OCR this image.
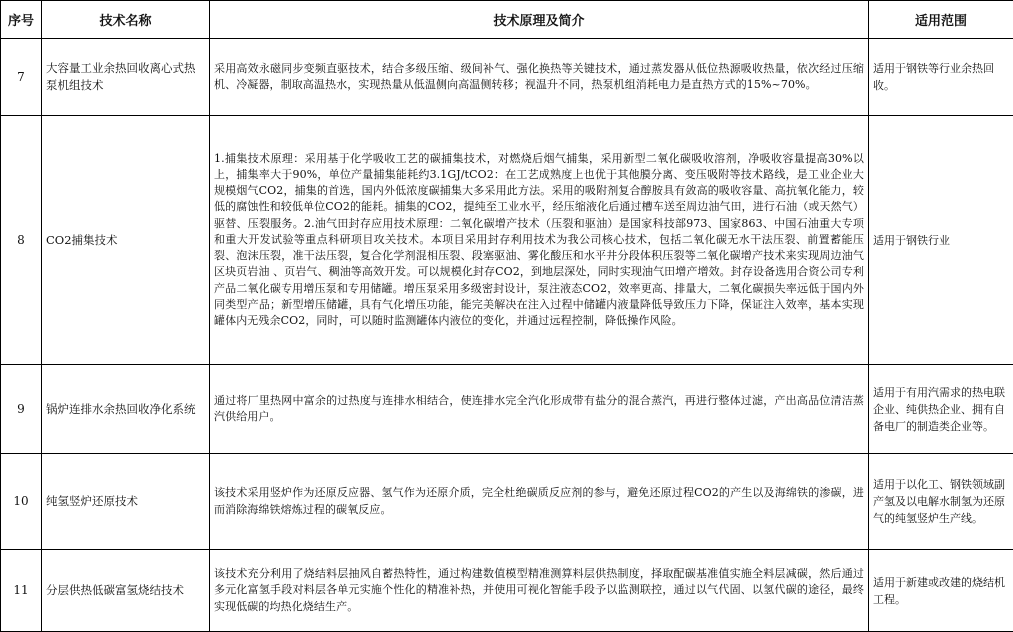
序号	技术名称	技术原理及简介	适用范围
7	大容量工业余热回收离心式热泵机组技术	采用高效永磁同步变频直驱技术，结合多级压缩、级间补气、强化换热等关键技术，通过蒸发器从低位热源吸收热量，依次经过压缩机、冷凝器，制取高温热水，实现热量从低温侧向高温侧转移；视温升不同，热泵机组消耗电力是直热方式的15%~70%。	适用于钢铁等行业余热回收。
8	CO2捕集技术	1.捕集技术原理：采用基于化学吸收工艺的碳捕集技术，对燃烧后烟气捕集，采用新型二氧化碳吸收溶剂，净吸收容量提高30%以上，捕集率大于90%，单位产量捕集能耗约3.1GJ/tCO2：在工艺成熟度上也优于其他膜分离、变压吸附等技术路线，是工业企业大规模烟气CO2，捕集的首选，国内外低浓度碳捕集大多采用此方法。采用的吸附剂复合醇胺具有敛高的吸收容量、高抗氧化能力，较低的腐蚀性和较低单位CO2的能耗。捕集的CO2，提纯至工业水平，经压缩液化后通过槽车送至周边油气田，进行石油（或天然气）驱替、压裂服务。2.油气田封存应用技术原理：二氧化碳增产技术（压裂和驱油）是国家科技部973、国家863、中国石油重大专项和重大开发试验等重点科研项目攻关技术。本项目采用封存利用技术为我公司核心技术，包括二氧化碳无水干法压裂、前置蓄能压裂、泡沫压裂，准干法压裂，复合化学剂混相压裂、段塞驱油、雾化酸压和水平井分段体积压裂等二氧化碳增产技术来实现周边油气区块页岩油 、页岩气、稠油等高效开发。可以规模化封存CO2，到地层深处，同时实现油气田增产增效。封存设备选用合资公司专利产品二氧化碳专用增压泵和专用储罐。增压泵采用多级密封设计，泵注液态CO2，效率更高、排量大，二氧化碳损失率远低于国内外同类型产品；新型增压储罐，具有气化增压功能，能完美解决在注入过程中储罐内液量降低导致压力下降，保证注入效率，基本实现罐体内无残余CO2，同时，可以随时监测罐体内液位的变化，并通过远程控制，降低操作风险。	适用于钢铁行业
9	锅炉连排水余热回收净化系统	通过将厂里热网中富余的过热度与连排水相结合，使连排水完全汽化形成带有盐分的混合蒸汽，再进行整体过滤，产出高品位清洁蒸汽供给用户。	适用于有用汽需求的热电联企业、纯供热企业、拥有自备电厂的制造类企业等。
10	纯氢竖炉还原技术	该技术采用竖炉作为还原反应器、氢气作为还原介质，完全杜绝碳质反应剂的参与，避免还原过程CO2的产生以及海绵铁的渗碳，进而消除海绵铁熔炼过程的碳氧反应。	适用于以化工、钢铁领域副产氢及以电解水制氢为还原气的纯氢竖炉生产线。
11	分层供热低碳富氢烧结技术	该技术充分利用了烧结料层抽风自蓄热特性，通过构建数值模型精准测算料层供热制度，择取配碳基准值实施全料层减碳，然后通过多元化富氢手段对料层各单元实施个性化的精准补热，并使用可视化智能手段予以监测联控，通过以气代固、以氢代碳的途径，最终实现低碳的均热化烧结生产。	适用于新建或改建的烧结机工程。
